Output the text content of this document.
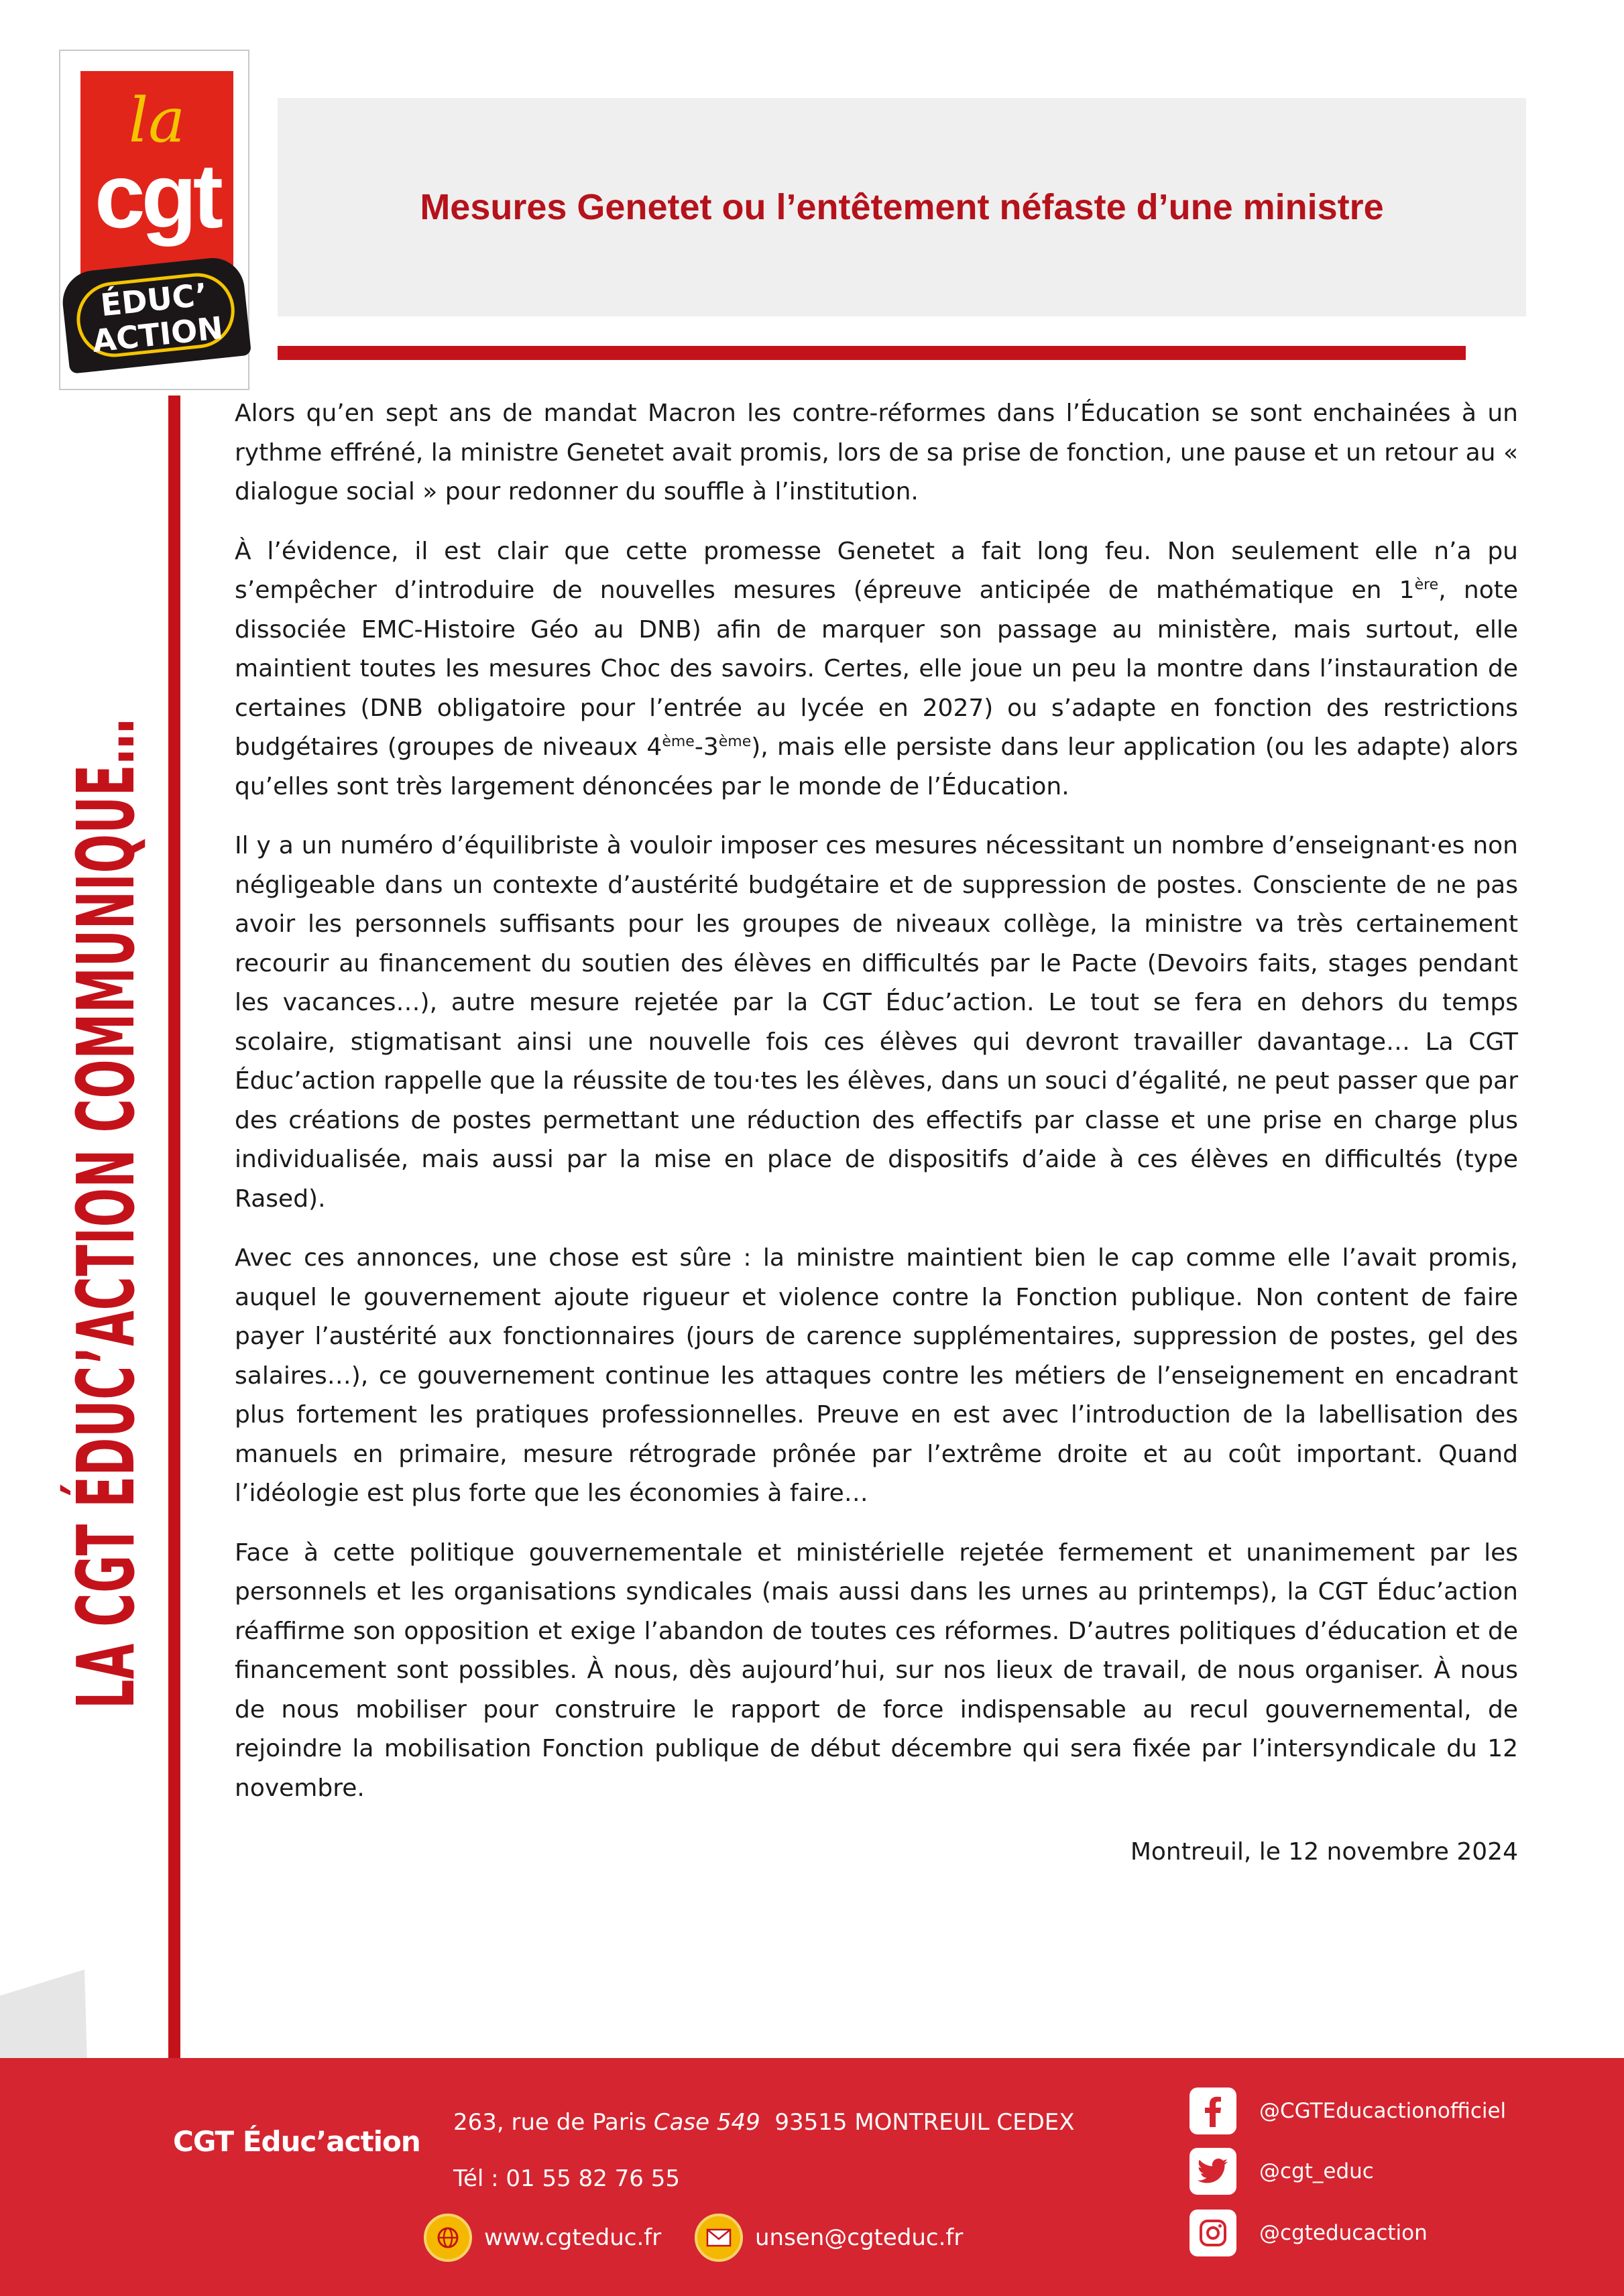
la
cgt
ÉDUC’
ACTION
Mesures Genetet ou l’entêtement néfaste d’une ministre
LA CGT ÉDUC’ACTION COMMUNIQUE…

Alors qu’en sept ans de mandat Macron les contre-réformes dans l’Éducation se sont enchainées à un rythme effréné, la ministre Genetet avait promis, lors de sa prise de fonction, une pause et un retour au « dialogue social » pour redonner du souffle à l’institution.

À l’évidence, il est clair que cette promesse Genetet a fait long feu. Non seulement elle n’a pu s’empêcher d’introduire de nouvelles mesures (épreuve anticipée de mathématique en 1ère, note dissociée EMC-Histoire Géo au DNB) afin de marquer son passage au ministère, mais surtout, elle maintient toutes les mesures Choc des savoirs. Certes, elle joue un peu la montre dans l’instauration de certaines (DNB obligatoire pour l’entrée au lycée en 2027) ou s’adapte en fonction des restrictions budgétaires (groupes de niveaux 4ème-3ème), mais elle persiste dans leur application (ou les adapte) alors qu’elles sont très largement dénoncées par le monde de l’Éducation.

Il y a un numéro d’équilibriste à vouloir imposer ces mesures nécessitant un nombre d’enseignant·es non négligeable dans un contexte d’austérité budgétaire et de suppression de postes. Consciente de ne pas avoir les personnels suffisants pour les groupes de niveaux collège, la ministre va très certainement recourir au financement du soutien des élèves en difficultés par le Pacte (Devoirs faits, stages pendant les vacances…), autre mesure rejetée par la CGT Éduc’action. Le tout se fera en dehors du temps scolaire, stigmatisant ainsi une nouvelle fois ces élèves qui devront travailler davantage… La CGT Éduc’action rappelle que la réussite de tou·tes les élèves, dans un souci d’égalité, ne peut passer que par des créations de postes permettant une réduction des effectifs par classe et une prise en charge plus individualisée, mais aussi par la mise en place de dispositifs d’aide à ces élèves en difficultés (type Rased).

Avec ces annonces, une chose est sûre : la ministre maintient bien le cap comme elle l’avait promis, auquel le gouvernement ajoute rigueur et violence contre la Fonction publique. Non content de faire payer l’austérité aux fonctionnaires (jours de carence supplémentaires, suppression de postes, gel des salaires…), ce gouvernement continue les attaques contre les métiers de l’enseignement en encadrant plus fortement les pratiques professionnelles. Preuve en est avec l’introduction de la labellisation des manuels en primaire, mesure rétrograde prônée par l’extrême droite et au coût important. Quand l’idéologie est plus forte que les économies à faire…

Face à cette politique gouvernementale et ministérielle rejetée fermement et unanimement par les personnels et les organisations syndicales (mais aussi dans les urnes au printemps), la CGT Éduc’action réaffirme son opposition et exige l’abandon de toutes ces réformes. D’autres politiques d’éducation et de financement sont possibles. À nous, dès aujourd’hui, sur nos lieux de travail, de nous organiser. À nous de nous mobiliser pour construire le rapport de force indispensable au recul gouvernemental, de rejoindre la mobilisation Fonction publique de début décembre qui sera fixée par l’intersyndicale du 12 novembre.

Montreuil, le 12 novembre 2024
CGT Éduc’action
263, rue de Paris Case 549  93515 MONTREUIL CEDEX
Tél : 01 55 82 76 55
www.cgteduc.fr	unsen@cgteduc.fr
@CGTEducactionofficiel
@cgt_educ
@cgteducaction
